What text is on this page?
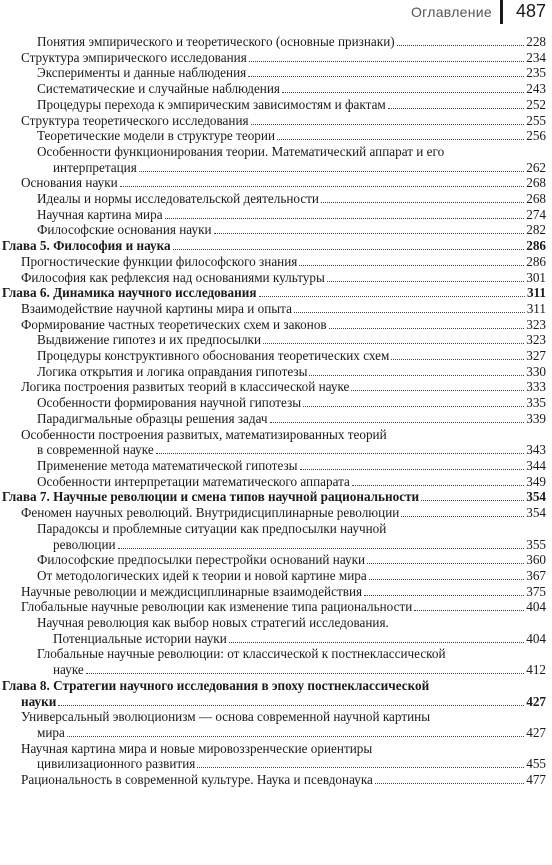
Оглавление 487
Понятия эмпирического и теоретического (основные признаки)	228
Структура эмпирического исследования	234
Эксперименты и данные наблюдения	235
Систематические и случайные наблюдения	243
Процедуры перехода к эмпирическим зависимостям и фактам	252
Структура теоретического исследования	255
Теоретические модели в структуре теории	256
Особенности функционирования теории. Математический аппарат и его
интерпретация	262
Основания науки	268
Идеалы и нормы исследовательской деятельности	268
Научная картина мира	274
Философские основания науки	282
Глава 5. Философия и наука	286
Прогностические функции философского знания	286
Философия как рефлексия над основаниями культуры	301
Глава 6. Динамика научного исследования	311
Взаимодействие научной картины мира и опыта	311
Формирование частных теоретических схем и законов	323
Выдвижение гипотез и их предпосылки	323
Процедуры конструктивного обоснования теоретических схем	327
Логика открытия и логика оправдания гипотезы	330
Логика построения развитых теорий в классической науке	333
Особенности формирования научной гипотезы	335
Парадигмальные образцы решения задач	339
Особенности построения развитых, математизированных теорий
в современной науке	343
Применение метода математической гипотезы	344
Особенности интерпретации математического аппарата	349
Глава 7. Научные революции и смена типов научной рациональности	354
Феномен научных революций. Внутридисциплинарные революции	354
Парадоксы и проблемные ситуации как предпосылки научной
революции	355
Философские предпосылки перестройки оснований науки	360
От методологических идей к теории и новой картине мира	367
Научные революции и междисциплинарные взаимодействия	375
Глобальные научные революции как изменение типа рациональности	404
Научная революция как выбор новых стратегий исследования.
Потенциальные истории науки	404
Глобальные научные революции: от классической к постнеклассической
науке	412
Глава 8. Стратегии научного исследования в эпоху постнеклассической
науки	427
Универсальный эволюционизм — основа современной научной картины
мира	427
Научная картина мира и новые мировоззренческие ориентиры
цивилизационного развития	455
Рациональность в современной культуре. Наука и псевдонаука	477
